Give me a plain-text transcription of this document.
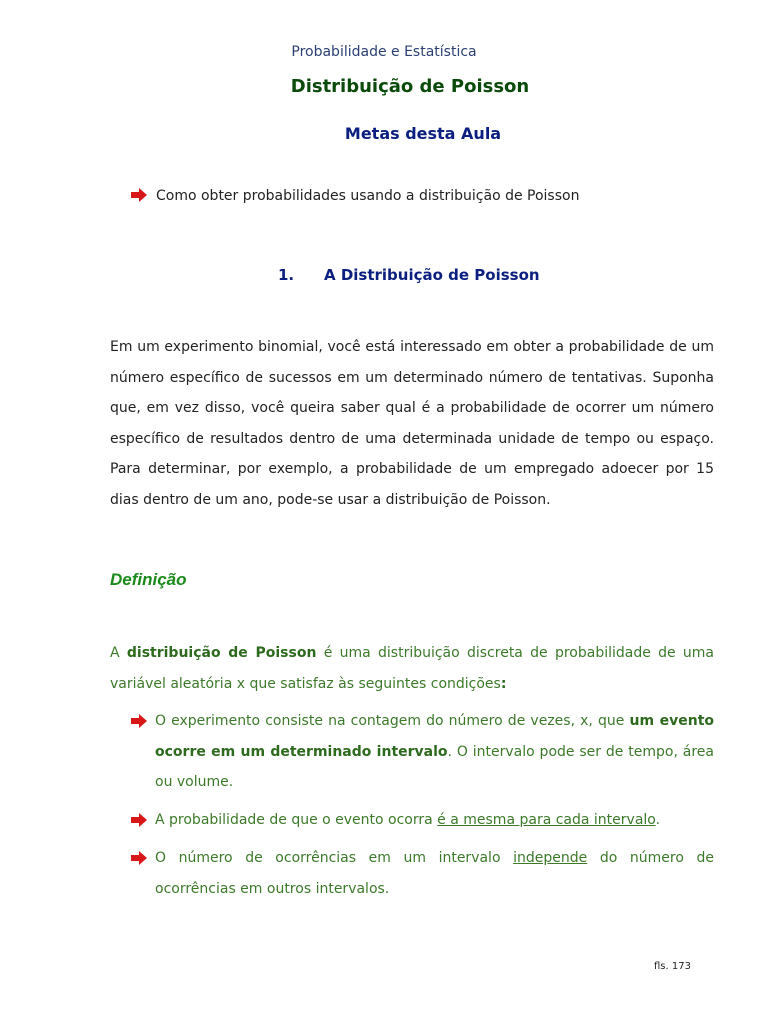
Probabilidade e Estatística
Distribuição de Poisson
Metas desta Aula
Como obter probabilidades usando a distribuição de Poisson
1. A Distribuição de Poisson
Em um experimento binomial, você está interessado em obter a probabilidade de um número específico de sucessos em um determinado número de tentativas. Suponha que, em vez disso, você queira saber qual é a probabilidade de ocorrer um número específico de resultados dentro de uma determinada unidade de tempo ou espaço. Para determinar, por exemplo, a probabilidade de um empregado adoecer por 15 dias dentro de um ano, pode-se usar a distribuição de Poisson.
Definição
A distribuição de Poisson é uma distribuição discreta de probabilidade de uma variável aleatória x que satisfaz às seguintes condições:
O experimento consiste na contagem do número de vezes, x, que um evento ocorre em um determinado intervalo. O intervalo pode ser de tempo, área ou volume.
A probabilidade de que o evento ocorra é a mesma para cada intervalo.
O número de ocorrências em um intervalo independe do número de ocorrências em outros intervalos.
fls. 173
